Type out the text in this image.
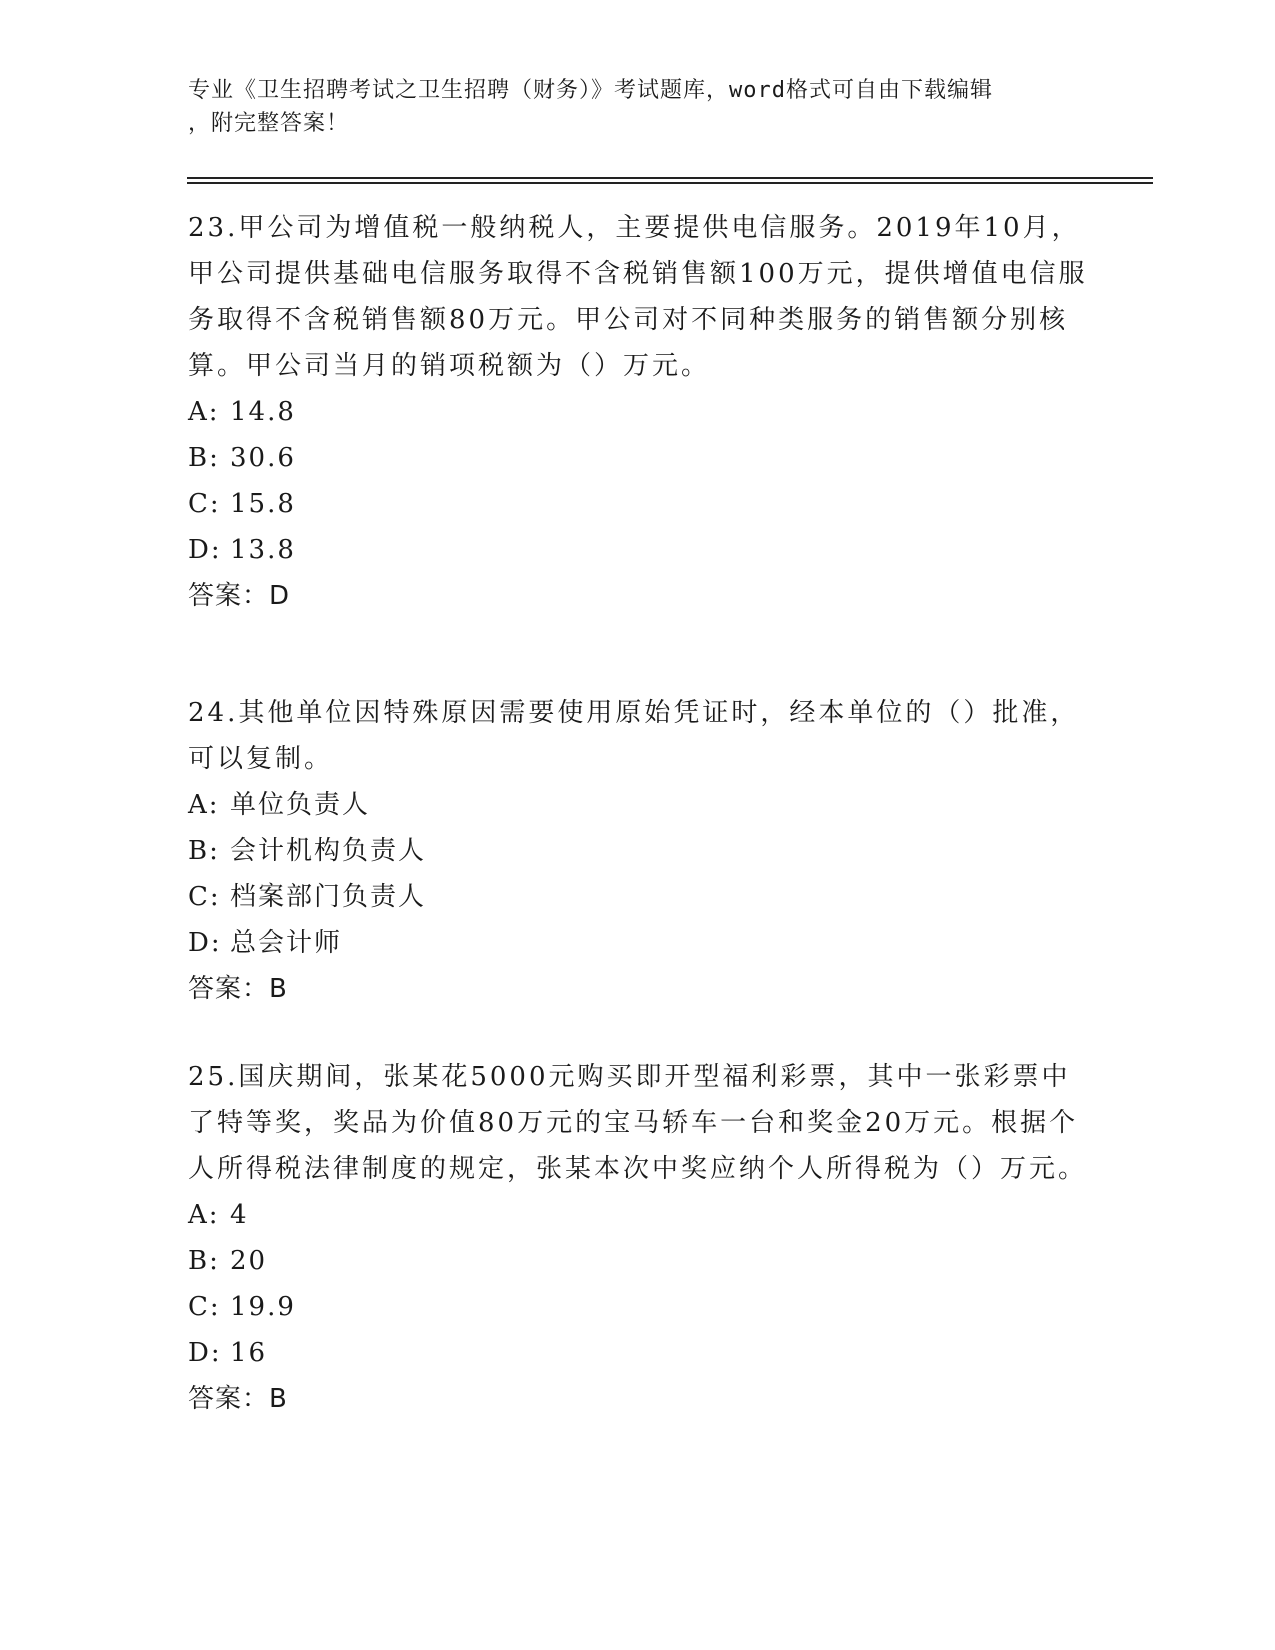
专业《卫生招聘考试之卫生招聘（财务）》考试题库，word格式可自由下载编辑
，附完整答案！

23.甲公司为增值税一般纳税人，主要提供电信服务。2019年10月，甲公司提供基础电信服务取得不含税销售额100万元，提供增值电信服务取得不含税销售额80万元。甲公司对不同种类服务的销售额分别核算。甲公司当月的销项税额为（）万元。

A: 14.8
B: 30.6
C: 15.8
D: 13.8
答案：D

24.其他单位因特殊原因需要使用原始凭证时，经本单位的（）批准，可以复制。

A: 单位负责人
B: 会计机构负责人
C: 档案部门负责人
D: 总会计师
答案：B

25.国庆期间，张某花5000元购买即开型福利彩票，其中一张彩票中了特等奖，奖品为价值80万元的宝马轿车一台和奖金20万元。根据个人所得税法律制度的规定，张某本次中奖应纳个人所得税为（）万元。

A: 4
B: 20
C: 19.9
D: 16
答案：B
